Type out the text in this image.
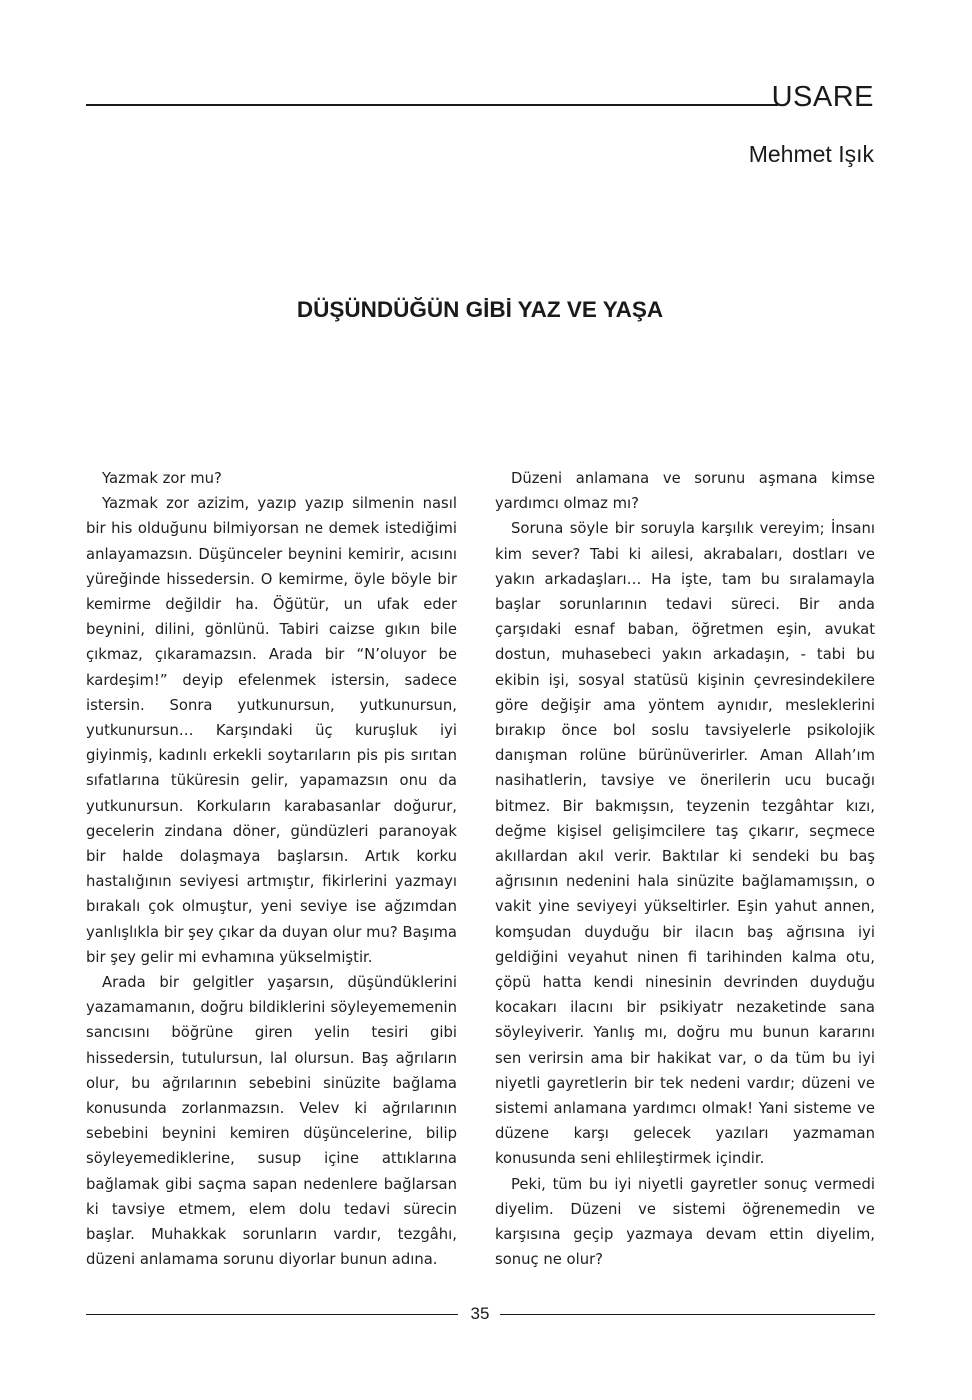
USARE
Mehmet Işık
DÜŞÜNDÜĞÜN GİBİ YAZ VE YAŞA

Yazmak zor mu?

Yazmak zor azizim, yazıp yazıp silmenin nasıl bir his olduğunu bilmiyorsan ne demek istediğimi anlayamazsın. Düşünceler beynini kemirir, acısını yüreğinde hissedersin. O kemirme, öyle böyle bir kemirme değildir ha. Öğütür, un ufak eder beynini, dilini, gönlünü. Tabiri caizse gıkın bile çıkmaz, çıkaramazsın. Arada bir “N’oluyor be kardeşim!” deyip efelenmek istersin, sadece istersin. Sonra yutkunursun, yutkunursun, yutkunursun… Karşındaki üç kuruşluk iyi giyinmiş, kadınlı erkekli soytarıların pis pis sırıtan sıfatlarına tüküresin gelir, yapamazsın onu da yutkunursun. Korkuların karabasanlar doğurur, gecelerin zindana döner, gündüzleri paranoyak bir halde dolaşmaya başlarsın. Artık korku hastalığının seviyesi artmıştır, fikirlerini yazmayı bırakalı çok olmuştur, yeni seviye ise ağzımdan yanlışlıkla bir şey çıkar da duyan olur mu? Başıma bir şey gelir mi evhamına yükselmiştir.

Arada bir gelgitler yaşarsın, düşündüklerini yazamamanın, doğru bildiklerini söyleyememenin sancısını böğrüne giren yelin tesiri gibi hissedersin, tutulursun, lal olursun. Baş ağrıların olur, bu ağrılarının sebebini sinüzite bağlama konusunda zorlanmazsın. Velev ki ağrılarının sebebini beynini kemiren düşüncelerine, bilip söyleyemediklerine, susup içine attıklarına bağlamak gibi saçma sapan nedenlere bağlarsan ki tavsiye etmem, elem dolu tedavi sürecin başlar. Muhakkak sorunların vardır, tezgâhı, düzeni anlamama sorunu diyorlar bunun adına.

Düzeni anlamana ve sorunu aşmana kimse yardımcı olmaz mı?

Soruna söyle bir soruyla karşılık vereyim; İnsanı kim sever? Tabi ki ailesi, akrabaları, dostları ve yakın arkadaşları… Ha işte, tam bu sıralamayla başlar sorunlarının tedavi süreci. Bir anda çarşıdaki esnaf baban, öğretmen eşin, avukat dostun, muhasebeci yakın arkadaşın, - tabi bu ekibin işi, sosyal statüsü kişinin çevresindekilere göre değişir ama yöntem aynıdır, mesleklerini bırakıp önce bol soslu tavsiyelerle psikolojik danışman rolüne bürünüverirler. Aman Allah’ım nasihatlerin, tavsiye ve önerilerin ucu bucağı bitmez. Bir bakmışsın, teyzenin tezgâhtar kızı, değme kişisel gelişimcilere taş çıkarır, seçmece akıllardan akıl verir. Baktılar ki sendeki bu baş ağrısının nedenini hala sinüzite bağlamamışsın, o vakit yine seviyeyi yükseltirler. Eşin yahut annen, komşudan duyduğu bir ilacın baş ağrısına iyi geldiğini veyahut ninen fi tarihinden kalma otu, çöpü hatta kendi ninesinin devrinden duyduğu kocakarı ilacını bir psikiyatr nezaketinde sana söyleyiverir. Yanlış mı, doğru mu bunun kararını sen verirsin ama bir hakikat var, o da tüm bu iyi niyetli gayretlerin bir tek nedeni vardır; düzeni ve sistemi anlamana yardımcı olmak! Yani sisteme ve düzene karşı gelecek yazıları yazmaman konusunda seni ehlileştirmek içindir.

Peki, tüm bu iyi niyetli gayretler sonuç vermedi diyelim. Düzeni ve sistemi öğrenemedin ve karşısına geçip yazmaya devam ettin diyelim, sonuç ne olur?

35
